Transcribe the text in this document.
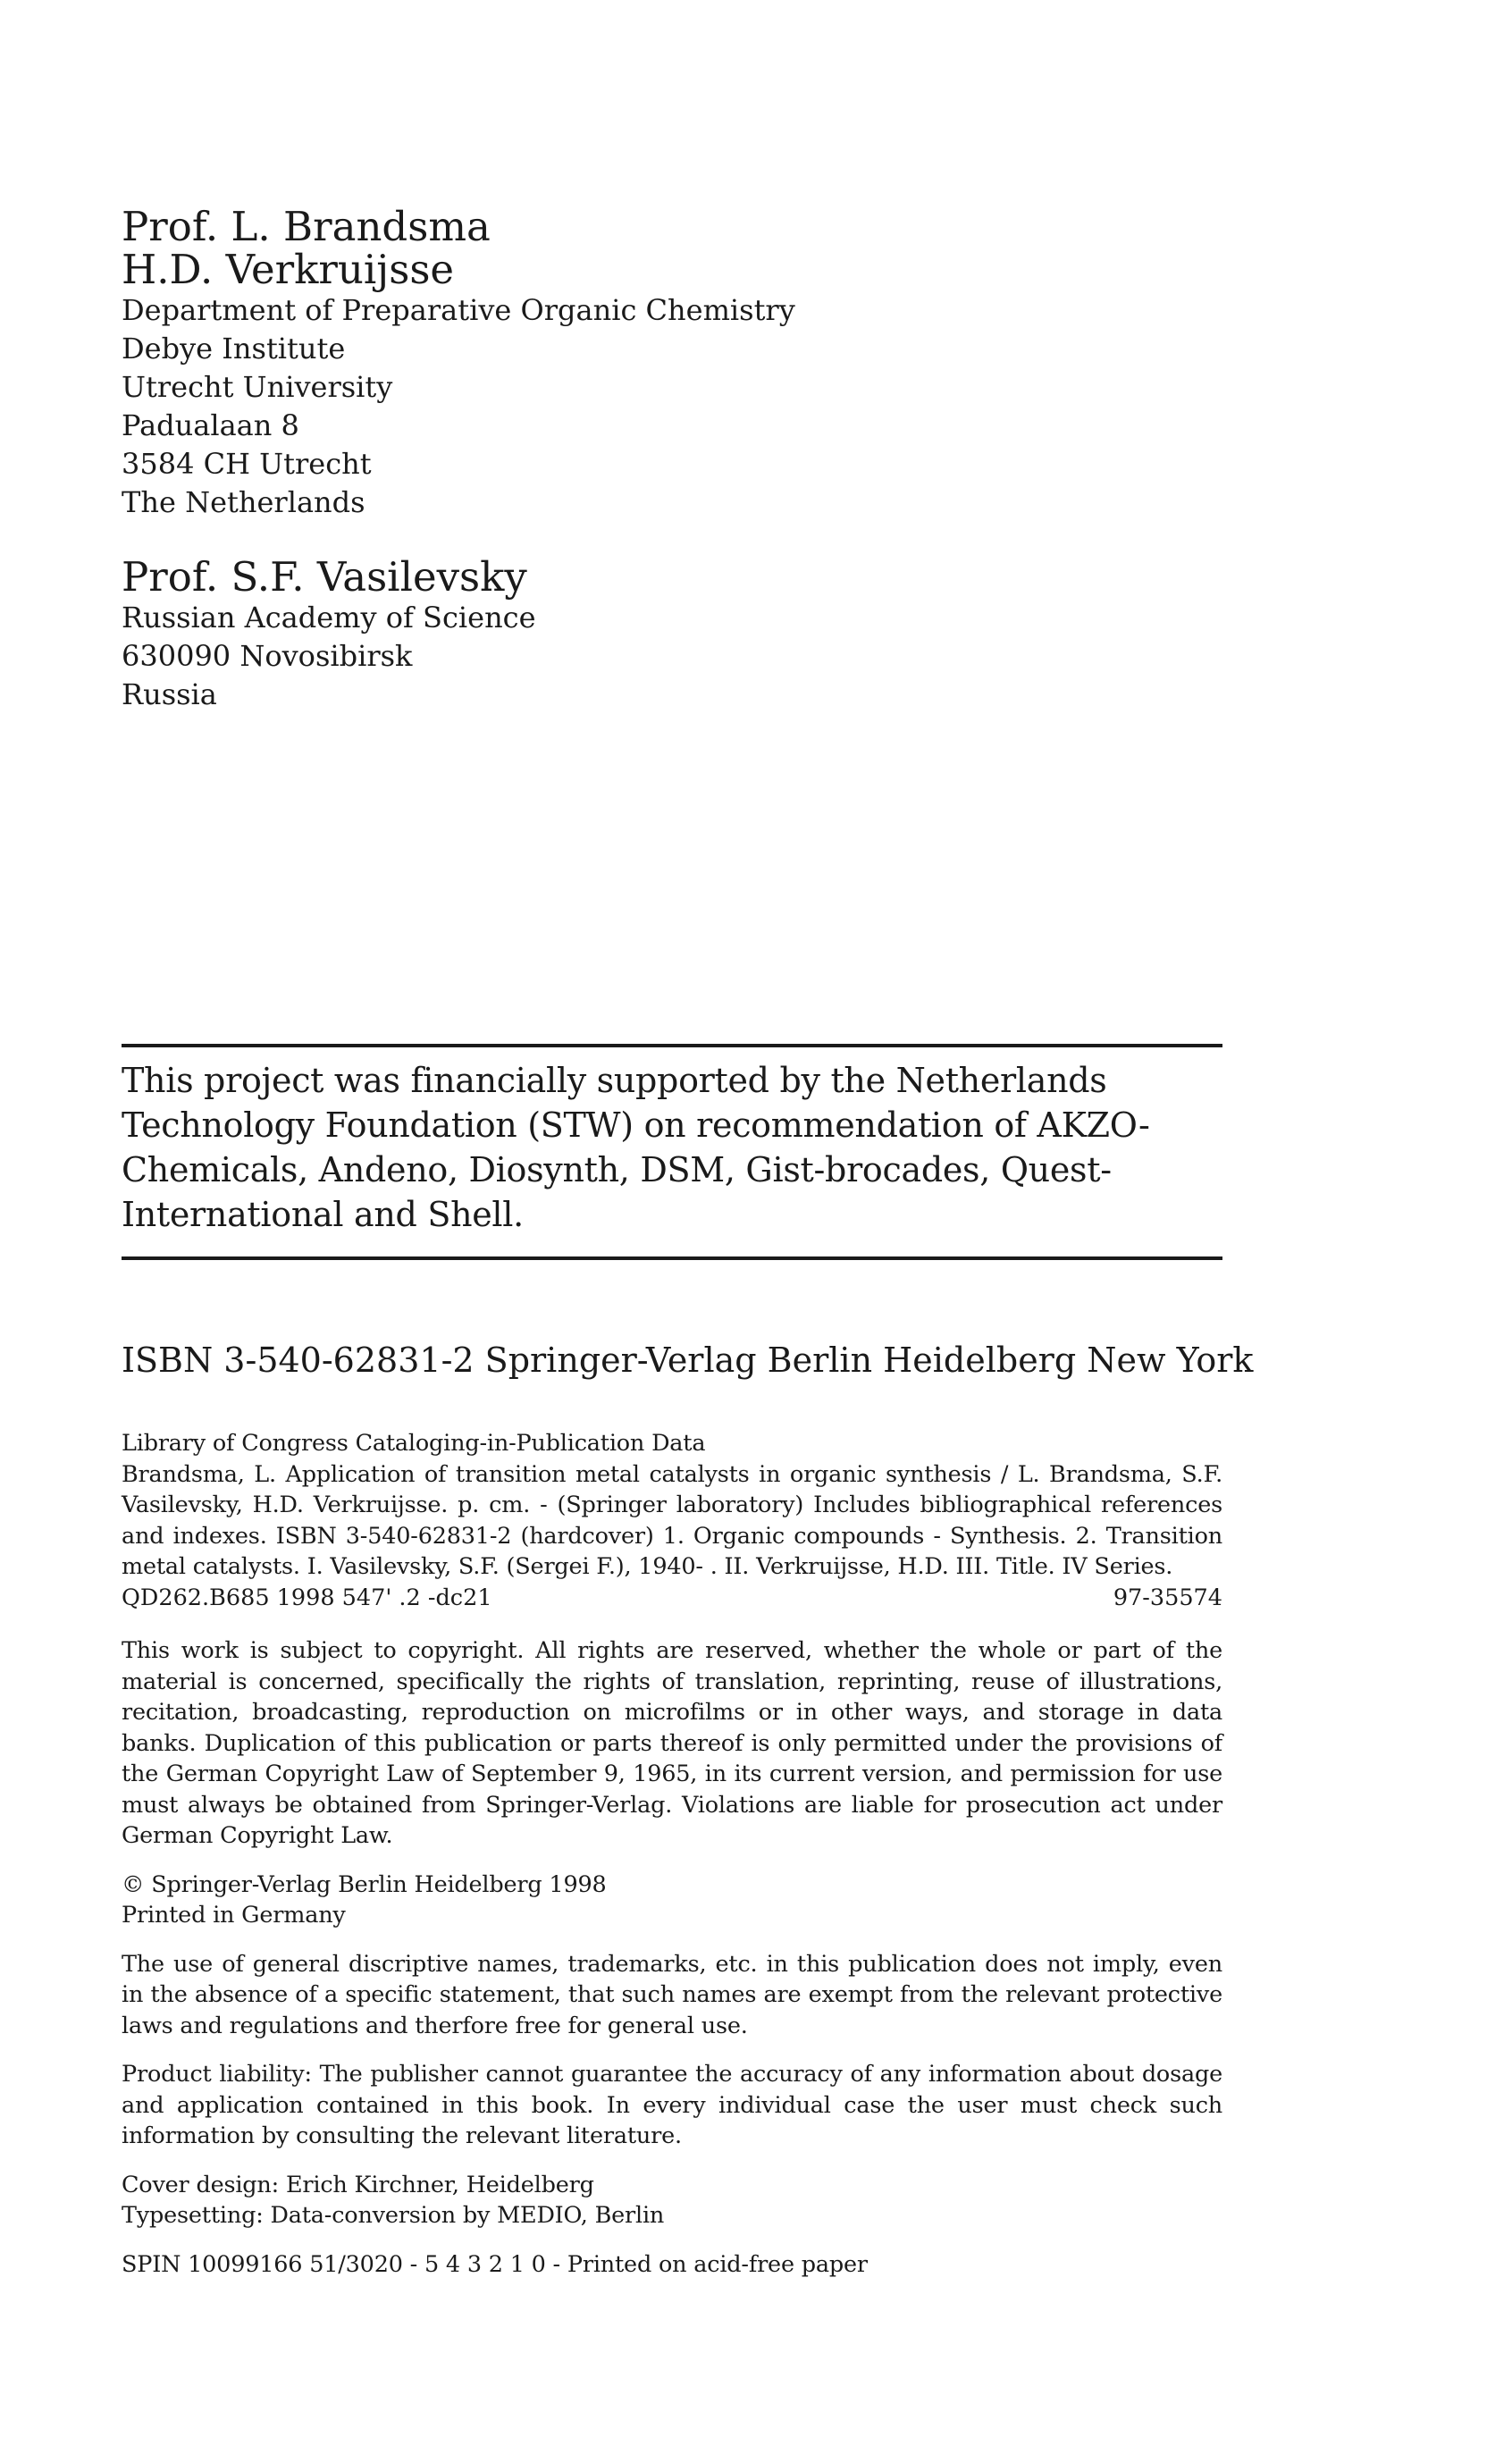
Prof. L. Brandsma
H.D. Verkruijsse

Department of Preparative Organic Chemistry

Debye Institute

Utrecht University

Padualaan 8

3584 CH Utrecht

The Netherlands

Prof. S.F. Vasilevsky

Russian Academy of Science

630090 Novosibirsk

Russia

This project was financially supported by the Netherlands Technology Foundation (STW) on recommendation of AKZO-Chemicals, Andeno, Diosynth, DSM, Gist-brocades, Quest-International and Shell.

ISBN 3-540-62831-2 Springer-Verlag Berlin Heidelberg New York

Library of Congress Cataloging-in-Publication Data

Brandsma, L. Application of transition metal catalysts in organic synthesis / L. Brandsma, S.F. Vasilevsky, H.D. Verkruijsse. p. cm. - (Springer laboratory) Includes bibliographical references and indexes. ISBN 3-540-62831-2 (hardcover) 1. Organic compounds - Synthesis. 2. Transition metal catalysts. I. Vasilevsky, S.F. (Sergei F.), 1940- . II. Verkruijsse, H.D. III. Title. IV Series.

QD262.B685 1998 547' .2 -dc21	97-35574

This work is subject to copyright. All rights are reserved, whether the whole or part of the material is concerned, specifically the rights of translation, reprinting, reuse of illustrations, recitation, broadcasting, reproduction on microfilms or in other ways, and storage in data banks. Duplication of this publication or parts thereof is only permitted under the provisions of the German Copyright Law of September 9, 1965, in its current version, and permission for use must always be obtained from Springer-Verlag. Violations are liable for prosecution act under German Copyright Law.

© Springer-Verlag Berlin Heidelberg 1998

Printed in Germany

The use of general discriptive names, trademarks, etc. in this publication does not imply, even in the absence of a specific statement, that such names are exempt from the relevant protective laws and regulations and therfore free for general use.

Product liability: The publisher cannot guarantee the accuracy of any information about dosage and application contained in this book. In every individual case the user must check such information by consulting the relevant literature.

Cover design: Erich Kirchner, Heidelberg

Typesetting: Data-conversion by MEDIO, Berlin

SPIN 10099166 51/3020 - 5 4 3 2 1 0 - Printed on acid-free paper
